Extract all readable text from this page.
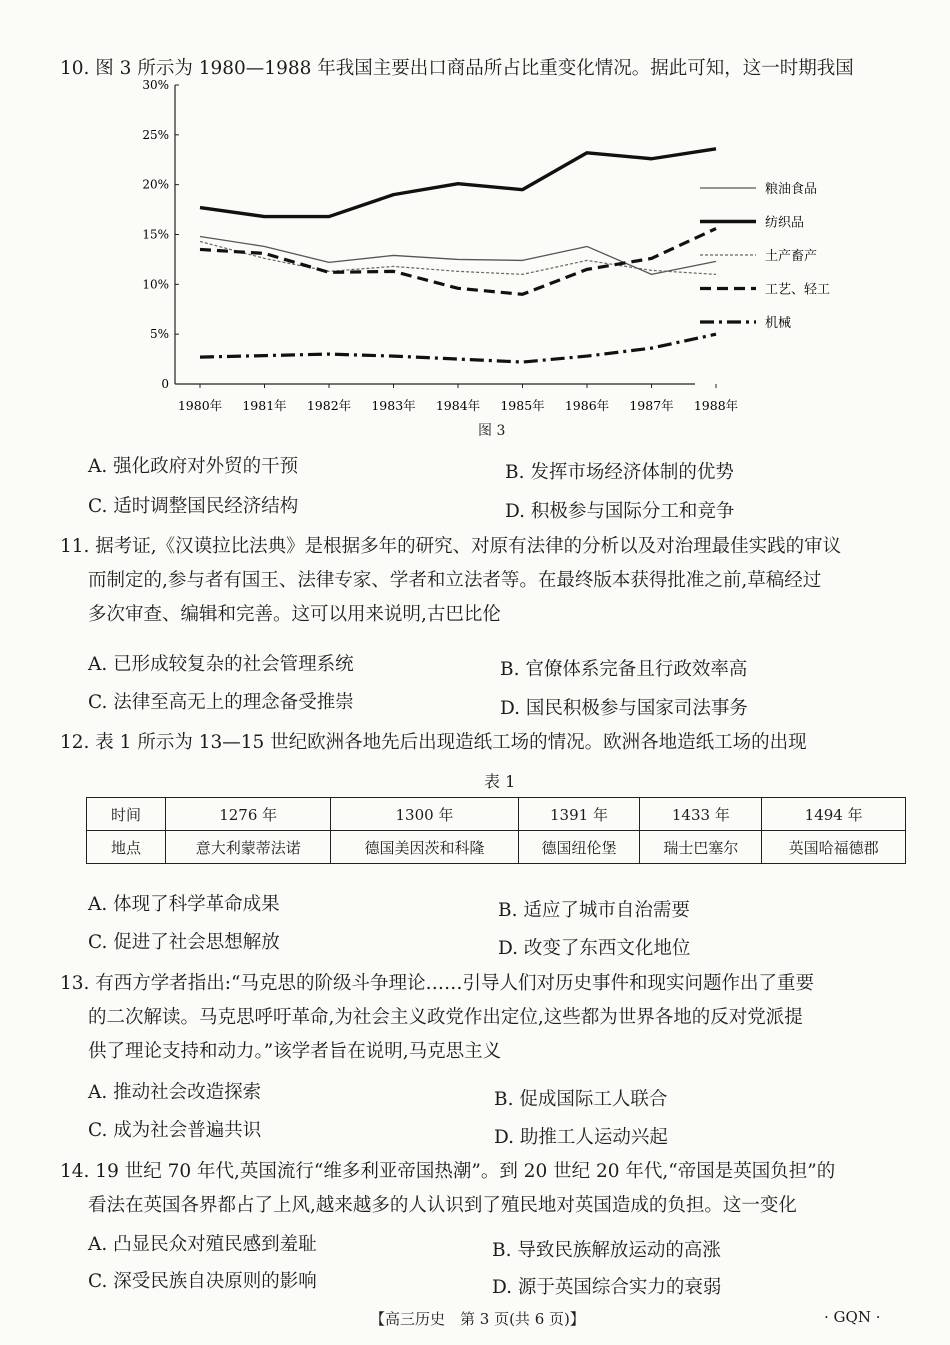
10. 图 3 所示为 1980—1988 年我国主要出口商品所占比重变化情况。据此可知，这一时期我国
0
5%
10%
15%
20%
25%
30%
1980年 1981年 1982年 1983年 1984年 1985年 1986年 1987年 1988年
粮油食品
纺织品
土产畜产
工艺、轻工
机械
图 3
A. 强化政府对外贸的干预	B. 发挥市场经济体制的优势
C. 适时调整国民经济结构	D. 积极参与国际分工和竞争
11. 据考证,《汉谟拉比法典》是根据多年的研究、对原有法律的分析以及对治理最佳实践的审议
而制定的,参与者有国王、法律专家、学者和立法者等。在最终版本获得批准之前,草稿经过
多次审查、编辑和完善。这可以用来说明,古巴比伦
A. 已形成较复杂的社会管理系统	B. 官僚体系完备且行政效率高
C. 法律至高无上的理念备受推崇	D. 国民积极参与国家司法事务
12. 表 1 所示为 13—15 世纪欧洲各地先后出现造纸工场的情况。欧洲各地造纸工场的出现
表 1
时间	1276 年	1300 年	1391 年	1433 年	1494 年
地点	意大利蒙蒂法诺	德国美因茨和科隆	德国纽伦堡	瑞士巴塞尔	英国哈福德郡
A. 体现了科学革命成果	B. 适应了城市自治需要
C. 促进了社会思想解放	D. 改变了东西文化地位
13. 有西方学者指出:“马克思的阶级斗争理论……引导人们对历史事件和现实问题作出了重要
的二次解读。马克思呼吁革命,为社会主义政党作出定位,这些都为世界各地的反对党派提
供了理论支持和动力。”该学者旨在说明,马克思主义
A. 推动社会改造探索	B. 促成国际工人联合
C. 成为社会普遍共识	D. 助推工人运动兴起
14. 19 世纪 70 年代,英国流行“维多利亚帝国热潮”。到 20 世纪 20 年代,“帝国是英国负担”的
看法在英国各界都占了上风,越来越多的人认识到了殖民地对英国造成的负担。这一变化
A. 凸显民众对殖民感到羞耻	B. 导致民族解放运动的高涨
C. 深受民族自决原则的影响	D. 源于英国综合实力的衰弱
【高三历史　第 3 页(共 6 页)】	· GQN ·
